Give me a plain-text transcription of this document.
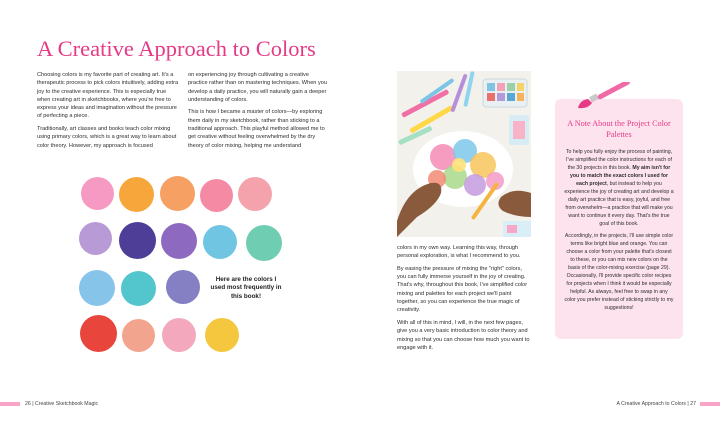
A Creative Approach to Colors

Choosing colors is my favorite part of creating art. It's a therapeutic process to pick colors intuitively, adding extra joy to the creative experience. This is especially true when creating art in sketchbooks, where you're free to express your ideas and imagination without the pressure of perfecting a piece.

Traditionally, art classes and books teach color mixing using primary colors, which is a great way to learn about color theory. However, my approach is focused

on experiencing joy through cultivating a creative practice rather than on mastering techniques. When you develop a daily practice, you will naturally gain a deeper understanding of colors.

This is how I became a master of colors—by exploring them daily in my sketchbook, rather than sticking to a traditional approach. This playful method allowed me to get creative without feeling overwhelmed by the dry theory of color mixing, helping me understand

colors in my own way. Learning this way, through personal exploration, is what I recommend to you.

By easing the pressure of mixing the "right" colors, you can fully immerse yourself in the joy of creating. That's why, throughout this book, I've simplified color mixing and palettes for each project we'll paint together, so you can experience the true magic of creativity.

With all of this in mind, I will, in the next few pages, give you a very basic introduction to color theory and mixing so that you can choose how much you want to engage with it.

Here are the colors I used most frequently in this book!
A Note About the Project Color Palettes

To help you fully enjoy the process of painting, I've simplified the color instructions for each of the 30 projects in this book. My aim isn't for you to match the exact colors I used for each project, but instead to help you experience the joy of creating art and develop a daily art practice that is easy, joyful, and free from overwhelm—a practice that will make you want to continue it every day. That's the true goal of this book.

Accordingly, in the projects, I'll use simple color terms like bright blue and orange. You can choose a color from your palette that's closest to these, or you can mix new colors on the basis of the color-mixing exercise (page 29). Occasionally, I'll provide specific color recipes for projects when I think it would be especially helpful. As always, feel free to swap in any color you prefer instead of sticking strictly to my suggestions!

26 | Creative Sketchbook Magic	A Creative Approach to Colors | 27
